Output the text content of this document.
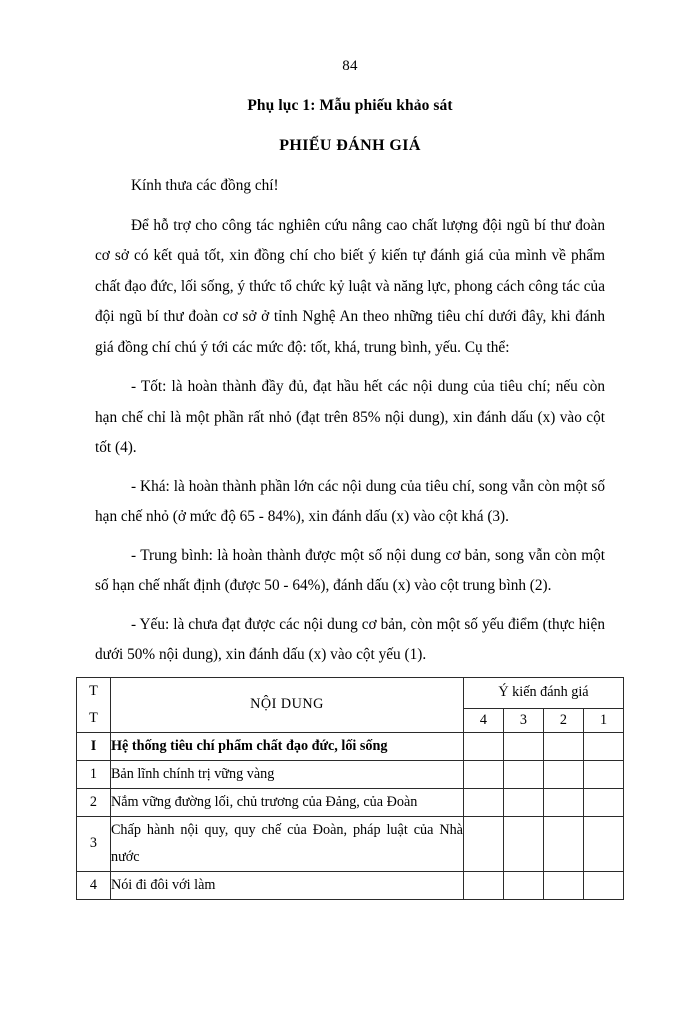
84
Phụ lục 1: Mẫu phiếu khảo sát
PHIẾU ĐÁNH GIÁ

Kính thưa các đồng chí!

Để hỗ trợ cho công tác nghiên cứu nâng cao chất lượng đội ngũ bí thư đoàn cơ sở có kết quả tốt, xin đồng chí cho biết ý kiến tự đánh giá của mình về phẩm chất đạo đức, lối sống, ý thức tổ chức kỷ luật và năng lực, phong cách công tác của đội ngũ bí thư đoàn cơ sở ở tỉnh Nghệ An theo những tiêu chí dưới đây, khi đánh giá đồng chí chú ý tới các mức độ: tốt, khá, trung bình, yếu. Cụ thể:

- Tốt: là hoàn thành đầy đủ, đạt hầu hết các nội dung của tiêu chí; nếu còn hạn chế chỉ là một phần rất nhỏ (đạt trên 85% nội dung), xin đánh dấu (x) vào cột tốt (4).

- Khá: là hoàn thành phần lớn các nội dung của tiêu chí, song vẫn còn một số hạn chế nhỏ (ở mức độ 65 - 84%), xin đánh dấu (x) vào cột khá (3).

- Trung bình: là hoàn thành được một số nội dung cơ bản, song vẫn còn một số hạn chế nhất định (được 50 - 64%), đánh dấu (x) vào cột trung bình (2).

- Yếu: là chưa đạt được các nội dung cơ bản, còn một số yếu điểm (thực hiện dưới 50% nội dung), xin đánh dấu (x) vào cột yếu (1).

T
T	NỘI DUNG	Ý kiến đánh giá			
		4	3	2	1
I	Hệ thống tiêu chí phẩm chất đạo đức, lối sống				
1	Bản lĩnh chính trị vững vàng				
2	Nắm vững đường lối, chủ trương của Đảng, của Đoàn				
3	Chấp hành nội quy, quy chế của Đoàn, pháp luật của Nhà nước				
4	Nói đi đôi với làm				
